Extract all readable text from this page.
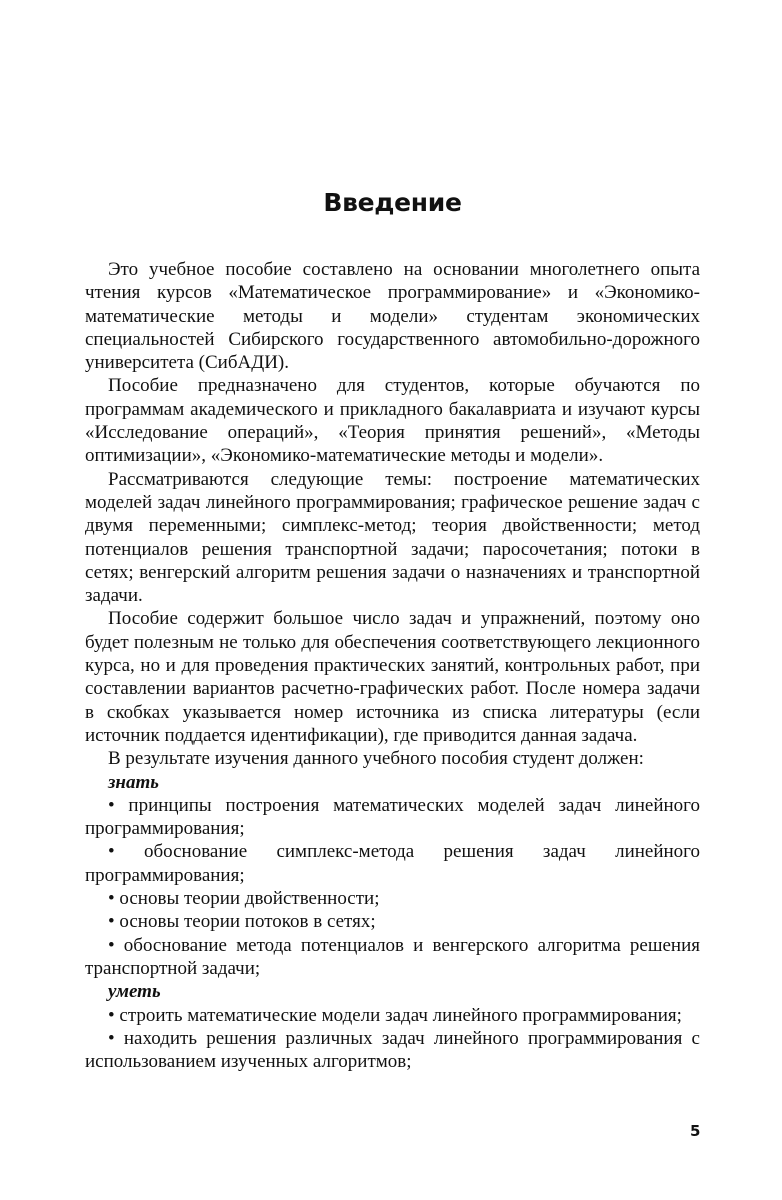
Введение

Это учебное пособие составлено на основании многолетнего опыта чтения курсов «Математическое программирование» и «Экономико-математические методы и модели» студентам экономических специальностей Сибирского государственного автомобильно-дорожного университета (СибАДИ).

Пособие предназначено для студентов, которые обучаются по программам академического и прикладного бакалавриата и изучают курсы «Исследование операций», «Теория принятия решений», «Методы оптимизации», «Экономико-математические методы и модели».

Рассматриваются следующие темы: построение математических моделей задач линейного программирования; графическое решение задач с двумя переменными; симплекс-метод; теория двойственности; метод потенциалов решения транспортной задачи; паросочетания; потоки в сетях; венгерский алгоритм решения задачи о назначениях и транспортной задачи.

Пособие содержит большое число задач и упражнений, поэтому оно будет полезным не только для обеспечения соответствующего лекционного курса, но и для проведения практических занятий, контрольных работ, при составлении вариантов расчетно-графических работ. После номера задачи в скобках указывается номер источника из списка литературы (если источник поддается идентификации), где приводится данная задача.

В результате изучения данного учебного пособия студент должен:

знать

• принципы построения математических моделей задач линейного программирования;

• обоснование симплекс-метода решения задач линейного программирования;

• основы теории двойственности;

• основы теории потоков в сетях;

• обоснование метода потенциалов и венгерского алгоритма решения транспортной задачи;

уметь

• строить математические модели задач линейного программирования;

• находить решения различных задач линейного программирования с использованием изученных алгоритмов;

5
